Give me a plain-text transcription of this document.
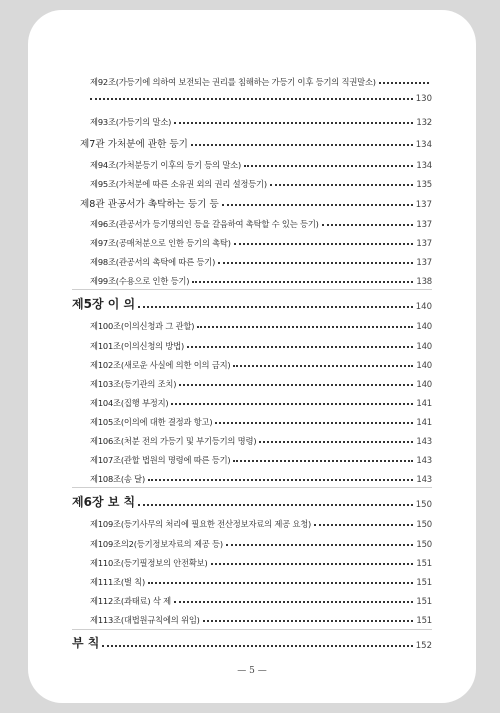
제92조(가등기에 의하여 보전되는 권리를 침해하는 가등기 이후 등기의 직권말소)
130
제93조(가등기의 말소)	132
제7관 가처분에 관한 등기	134
제94조(가처분등기 이후의 등기 등의 말소)	134
제95조(가처분에 따른 소유권 외의 권리 설정등기)	135
제8관 관공서가 촉탁하는 등기 등	137
제96조(관공서가 등기명의인 등을 갈음하여 촉탁할 수 있는 등기)	137
제97조(공매처분으로 인한 등기의 촉탁)	137
제98조(관공서의 촉탁에 따른 등기)	137
제99조(수용으로 인한 등기)	138
제5장 이 의	140
제100조(이의신청과 그 관할)	140
제101조(이의신청의 방법)	140
제102조(새로운 사실에 의한 이의 금지)	140
제103조(등기관의 조치)	140
제104조(집행 부정지)	141
제105조(이의에 대한 결정과 항고)	141
제106조(처분 전의 가등기 및 부기등기의 명령)	143
제107조(관할 법원의 명령에 따른 등기)	143
제108조(송 달)	143
제6장 보 칙	150
제109조(등기사무의 처리에 필요한 전산정보자료의 제공 요청)	150
제109조의2(등기정보자료의 제공 등)	150
제110조(등기필정보의 안전확보)	151
제111조(벌 칙)	151
제112조(과태료) 삭 제	151
제113조(대법원규칙에의 위임)	151
부 칙	152
— 5 —
